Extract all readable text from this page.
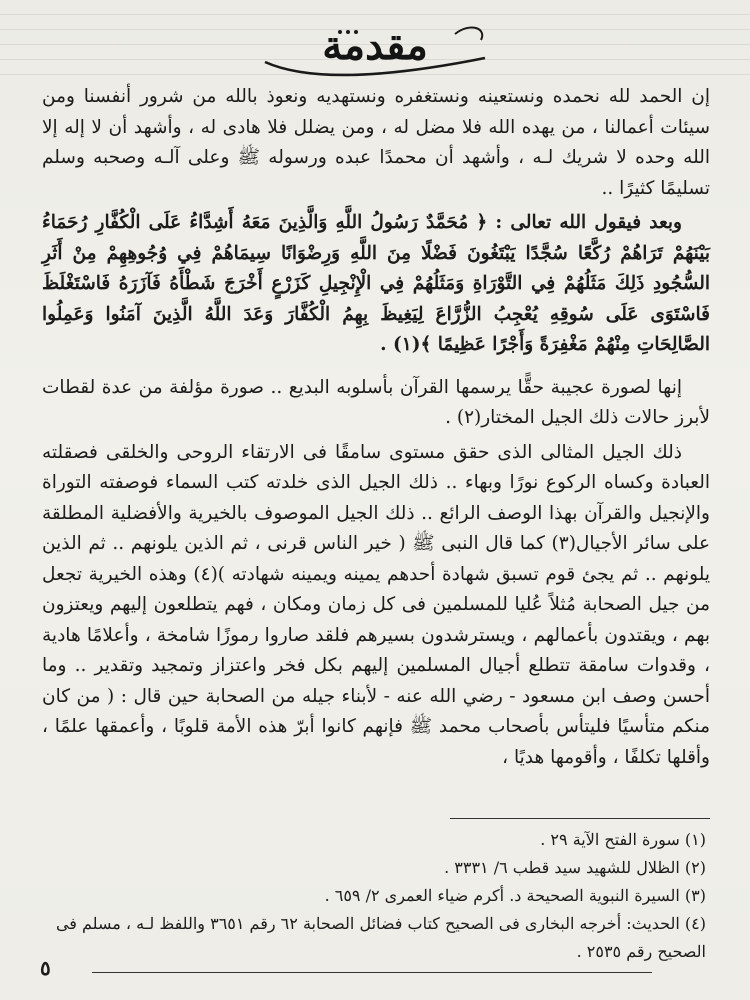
مقدمة

إن الحمد لله نحمده ونستعينه ونستغفره ونستهديه ونعوذ بالله من شرور أنفسنا ومن سيئات أعمالنا ، من يهده الله فلا مضل له ، ومن يضلل فلا هادى له ، وأشهد أن لا إله إلا الله وحده لا شريك لـه ، وأشهد أن محمدًا عبده ورسوله ﷺ وعلى آلـه وصحبه وسلم تسليمًا كثيرًا ..

وبعد فيقول الله تعالى : ﴿ مُحَمَّدٌ رَسُولُ اللَّهِ وَالَّذِينَ مَعَهُ أَشِدَّاءُ عَلَى الْكُفَّارِ رُحَمَاءُ بَيْنَهُمْ تَرَاهُمْ رُكَّعًا سُجَّدًا يَبْتَغُونَ فَضْلًا مِنَ اللَّهِ وَرِضْوَانًا سِيمَاهُمْ فِي وُجُوهِهِمْ مِنْ أَثَرِ السُّجُودِ ذَلِكَ مَثَلُهُمْ فِي التَّوْرَاةِ وَمَثَلُهُمْ فِي الْإِنْجِيلِ كَزَرْعٍ أَخْرَجَ شَطْأَهُ فَآزَرَهُ فَاسْتَغْلَظَ فَاسْتَوَى عَلَى سُوقِهِ يُعْجِبُ الزُّرَّاعَ لِيَغِيظَ بِهِمُ الْكُفَّارَ وَعَدَ اللَّهُ الَّذِينَ آمَنُوا وَعَمِلُوا الصَّالِحَاتِ مِنْهُمْ مَغْفِرَةً وَأَجْرًا عَظِيمًا ﴾(١) .

إنها لصورة عجيبة حقًّا يرسمها القرآن بأسلوبه البديع .. صورة مؤلفة من عدة لقطات لأبرز حالات ذلك الجيل المختار(٢) .

ذلك الجيل المثالى الذى حقق مستوى سامقًا فى الارتقاء الروحى والخلقى فصقلته العبادة وكساه الركوع نورًا وبهاء .. ذلك الجيل الذى خلدته كتب السماء فوصفته التوراة والإنجيل والقرآن بهذا الوصف الرائع .. ذلك الجيل الموصوف بالخيرية والأفضلية المطلقة على سائر الأجيال(٣) كما قال النبى ﷺ ( خير الناس قرنى ، ثم الذين يلونهم .. ثم الذين يلونهم .. ثم يجئ قوم تسبق شهادة أحدهم يمينه ويمينه شهادته )(٤) وهذه الخيرية تجعل من جيل الصحابة مُثلاً عُليا للمسلمين فى كل زمان ومكان ، فهم يتطلعون إليهم ويعتزون بهم ، ويقتدون بأعمالهم ، ويسترشدون بسيرهم فلقد صاروا رموزًا شامخة ، وأعلامًا هادية ، وقدوات سامقة تتطلع أجيال المسلمين إليهم بكل فخر واعتزاز وتمجيد وتقدير .. وما أحسن وصف ابن مسعود - رضي الله عنه - لأبناء جيله من الصحابة حين قال : ( من كان منكم متأسيًا فليتأس بأصحاب محمد ﷺ فإنهم كانوا أبرّ هذه الأمة قلوبًا ، وأعمقها علمًا ، وأقلها تكلفًا ، وأقومها هديًا ،

(١) سورة الفتح الآية ٢٩ .

(٢) الظلال للشهيد سيد قطب ٦/ ٣٣٣١ .

(٣) السيرة النبوية الصحيحة د. أكرم ضياء العمرى ٢/ ٦٥٩ .

(٤) الحديث: أخرجه البخارى فى الصحيح كتاب فضائل الصحابة ٦٢ رقم ٣٦٥١ واللفظ لـه ، مسلم فى الصحيح رقم ٢٥٣٥ .

٥
